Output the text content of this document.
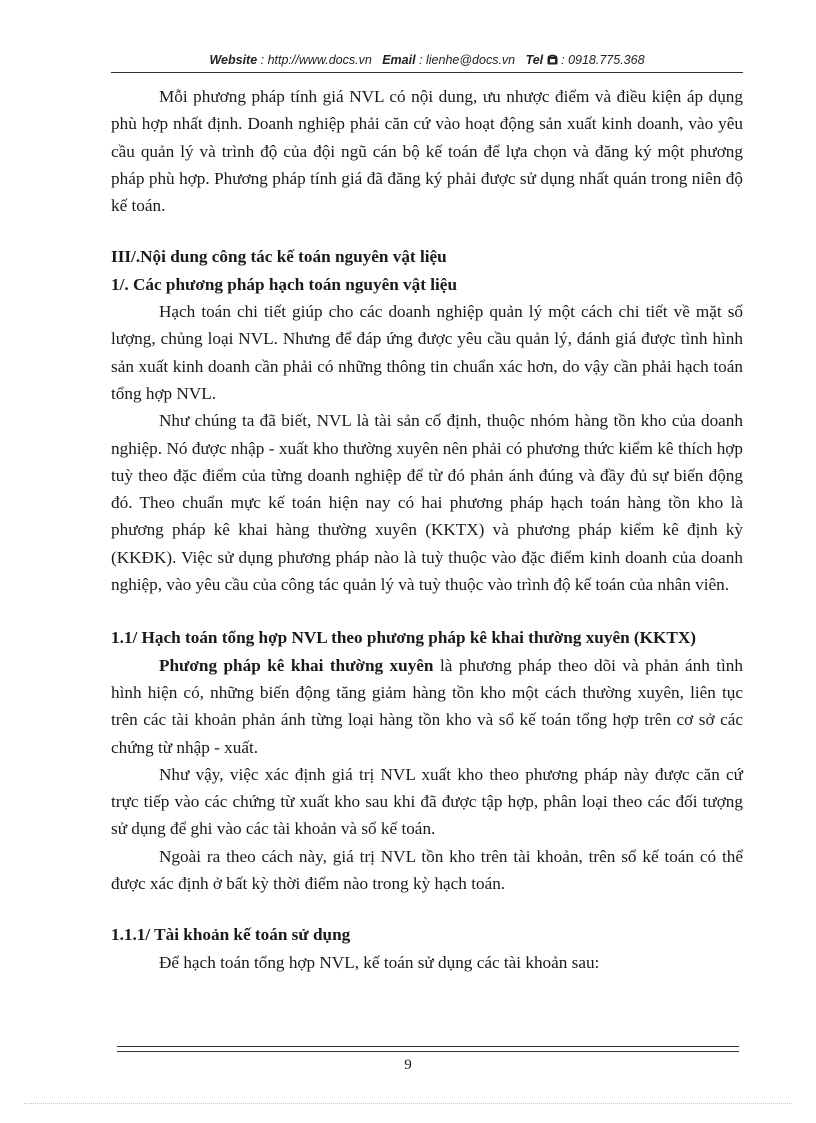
Website : http://www.docs.vn Email : lienhe@docs.vn Tel  : 0918.775.368

Mỗi phương pháp tính giá NVL có nội dung, ưu nhược điểm và điều kiện áp dụng phù hợp nhất định. Doanh nghiệp phải căn cứ vào hoạt động sản xuất kinh doanh, vào yêu cầu quản lý và trình độ của đội ngũ cán bộ kế toán để lựa chọn và đăng ký một phương pháp phù hợp. Phương pháp tính giá đã đăng ký phải được sử dụng nhất quán trong niên độ kế toán.

III/.Nội dung công tác kế toán nguyên vật liệu

1/. Các phương pháp hạch toán nguyên vật liệu

Hạch toán chi tiết giúp cho các doanh nghiệp quản lý một cách chi tiết về mặt số lượng, chủng loại NVL. Nhưng để đáp ứng được yêu cầu quản lý, đánh giá được tình hình sản xuất kinh doanh cần phải có những thông tin chuẩn xác hơn, do vậy cần phải hạch toán tổng hợp NVL.

Như chúng ta đã biết, NVL là tài sản cố định, thuộc nhóm hàng tồn kho của doanh nghiệp. Nó được nhập - xuất kho thường xuyên nên phải có phương thức kiểm kê thích hợp tuỳ theo đặc điểm của từng doanh nghiệp để từ đó phản ánh đúng và đầy đủ sự biến động đó. Theo chuẩn mực kế toán hiện nay có hai phương pháp hạch toán hàng tồn kho là phương pháp kê khai hàng thường xuyên (KKTX) và phương pháp kiểm kê định kỳ (KKĐK). Việc sử dụng phương pháp nào là tuỳ thuộc vào đặc điểm kinh doanh của doanh nghiệp, vào yêu cầu của công tác quản lý và tuỳ thuộc vào trình độ kế toán của nhân viên.

1.1/ Hạch toán tổng hợp NVL theo phương pháp kê khai thường xuyên (KKTX)

Phương pháp kê khai thường xuyên là phương pháp theo dõi và phản ánh tình hình hiện có, những biến động tăng giảm hàng tồn kho một cách thường xuyên, liên tục trên các tài khoản phản ánh từng loại hàng tồn kho và sổ kế toán tổng hợp trên cơ sở các chứng từ nhập - xuất.

Như vậy, việc xác định giá trị NVL xuất kho theo phương pháp này được căn cứ trực tiếp vào các chứng từ xuất kho sau khi đã được tập hợp, phân loại theo các đối tượng sử dụng để ghi vào các tài khoản và sổ kế toán.

Ngoài ra theo cách này, giá trị NVL tồn kho trên tài khoản, trên sổ kế toán có thể được xác định ở bất kỳ thời điểm nào trong kỳ hạch toán.

1.1.1/ Tài khoản kế toán sử dụng

Để hạch toán tổng hợp NVL, kế toán sử dụng các tài khoản sau:

9
